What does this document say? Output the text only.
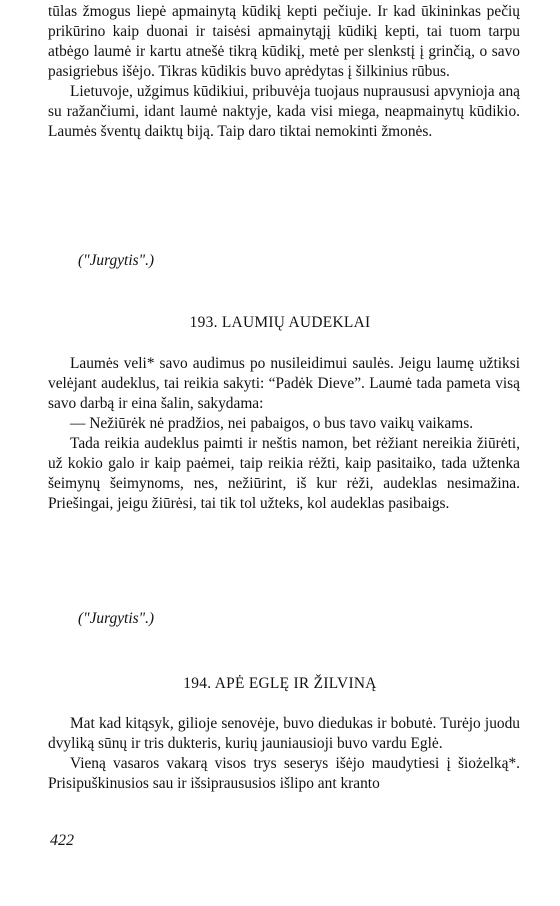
tūlas žmogus liepė apmainytą kūdikį kepti pečiuje. Ir kad ūkininkas pečių prikūrino kaip duonai ir taisėsi apmainytąjį kūdikį kepti, tai tuom tarpu atbėgo laumė ir kartu atnešė tikrą kūdikį, metė per slenkstį į grinčią, o savo pasigriebus išėjo. Tikras kūdikis buvo aprėdytas į šilkinius rūbus.

Lietuvoje, užgimus kūdikiui, pribuvėja tuojaus nupraususi apvynioja aną su ražančiumi, idant laumė naktyje, kada visi miega, neapmainytų kūdikio. Laumės šventų daiktų biją. Taip daro tiktai nemokinti žmonės.

("Jurgytis".)
193. LAUMIŲ AUDEKLAI

Laumės veli* savo audimus po nusileidimui saulės. Jeigu laumę užtiksi velėjant audeklus, tai reikia sakyti: “Padėk Dieve”. Laumė tada pameta visą savo darbą ir eina šalin, sakydama:

— Nežiūrėk nė pradžios, nei pabaigos, o bus tavo vaikų vaikams.

Tada reikia audeklus paimti ir neštis namon, bet rėžiant nereikia žiūrėti, už kokio galo ir kaip paėmei, taip reikia rėžti, kaip pasitaiko, tada užtenka šeimynų šeimynoms, nes, nežiūrint, iš kur rėži, audeklas nesimažina. Priešingai, jeigu žiūrėsi, tai tik tol užteks, kol audeklas pasibaigs.

("Jurgytis".)
194. APĖ EGLĘ IR ŽILVINĄ

Mat kad kitąsyk, gilioje senovėje, buvo diedukas ir bobutė. Turėjo juodu dvyliką sūnų ir tris dukteris, kurių jauniausioji buvo vardu Eglė.

Vieną vasaros vakarą visos trys seserys išėjo maudytiesi į šiożelką*. Prisipuškinusios sau ir išsipraususios išlipo ant kranto

422
